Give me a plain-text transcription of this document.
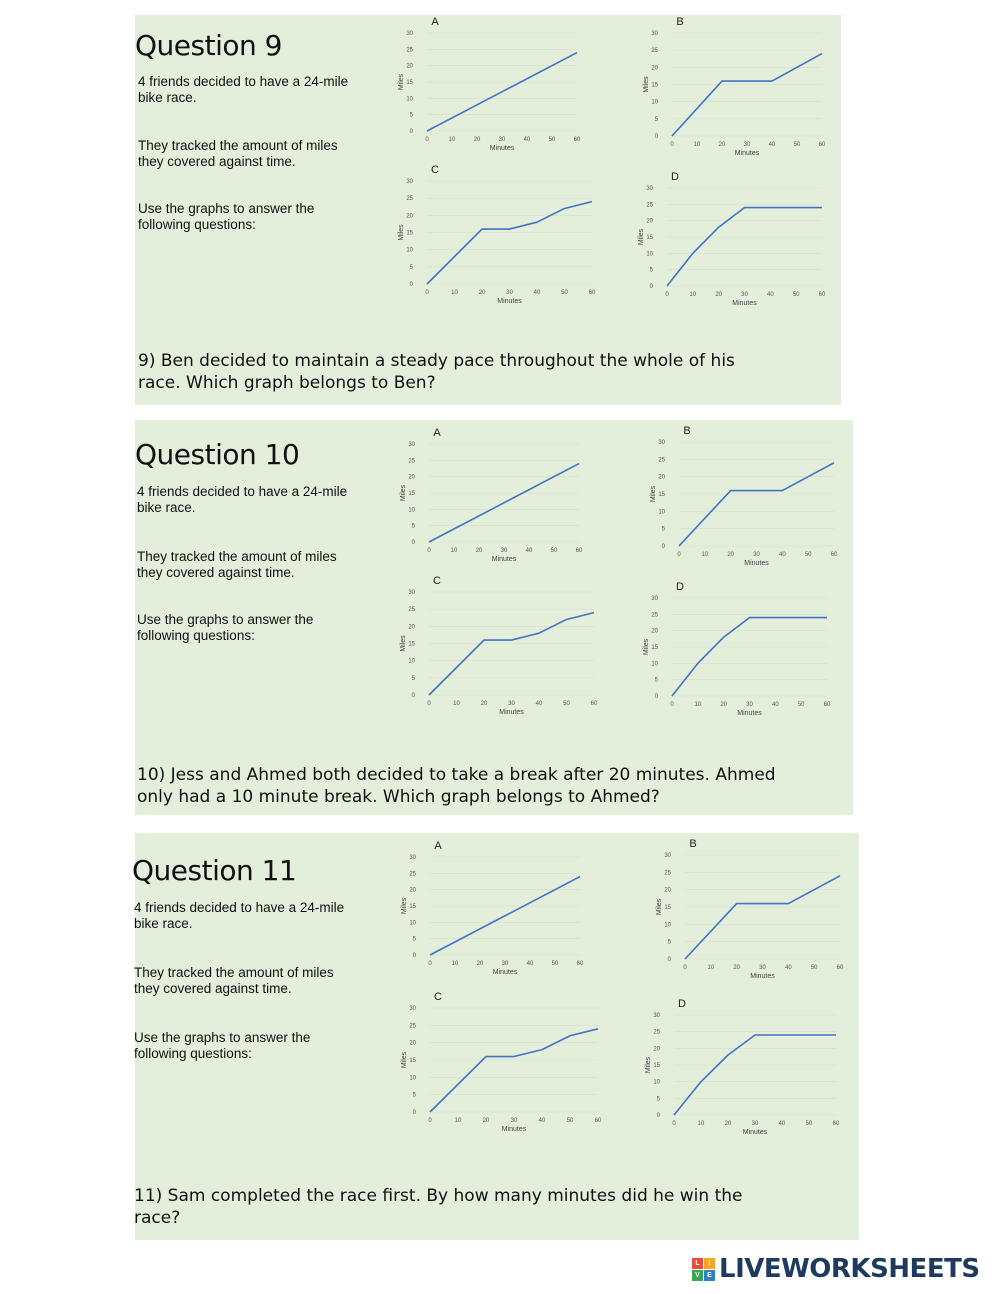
Question 9

4 friends decided to have a 24-mile bike race.

They tracked the amount of miles they covered against time.

Use the graphs to answer the following questions:

9) Ben decided to maintain a steady pace throughout the whole of his race. Which graph belongs to Ben?

0
5
10
15
20
25
30
0	10	20	30	40	50	60
A
Minutes
Miles
0
5
10
15
20
25
30
0	10	20	30	40	50	60
B
Minutes
Miles
0
5
10
15
20
25
30
0	10	20	30	40	50	60
C
Minutes
Miles
0
5
10
15
20
25
30
0	10	20	30	40	50	60
D
Minutes
Miles
Question 10

4 friends decided to have a 24-mile bike race.

They tracked the amount of miles they covered against time.

Use the graphs to answer the following questions:

10) Jess and Ahmed both decided to take a break after 20 minutes. Ahmed only had a 10 minute break. Which graph belongs to Ahmed?

0
5
10
15
20
25
30
0	10	20	30	40	50	60
A
Minutes
Miles
0
5
10
15
20
25
30
0	10	20	30	40	50	60
B
Minutes
Miles
0
5
10
15
20
25
30
0	10	20	30	40	50	60
C
Minutes
Miles
0
5
10
15
20
25
30
0	10	20	30	40	50	60
D
Minutes
Miles
Question 11

4 friends decided to have a 24-mile bike race.

They tracked the amount of miles they covered against time.

Use the graphs to answer the following questions:

11) Sam completed the race first. By how many minutes did he win the race?

0
5
10
15
20
25
30
0	10	20	30	40	50	60
A
Minutes
Miles
0
5
10
15
20
25
30
0	10	20	30	40	50	60
B
Minutes
Miles
0
5
10
15
20
25
30
0	10	20	30	40	50	60
C
Minutes
Miles
0
5
10
15
20
25
30
0	10	20	30	40	50	60
D
Minutes
Miles
L	I
V	E LIVEWORKSHEETS
